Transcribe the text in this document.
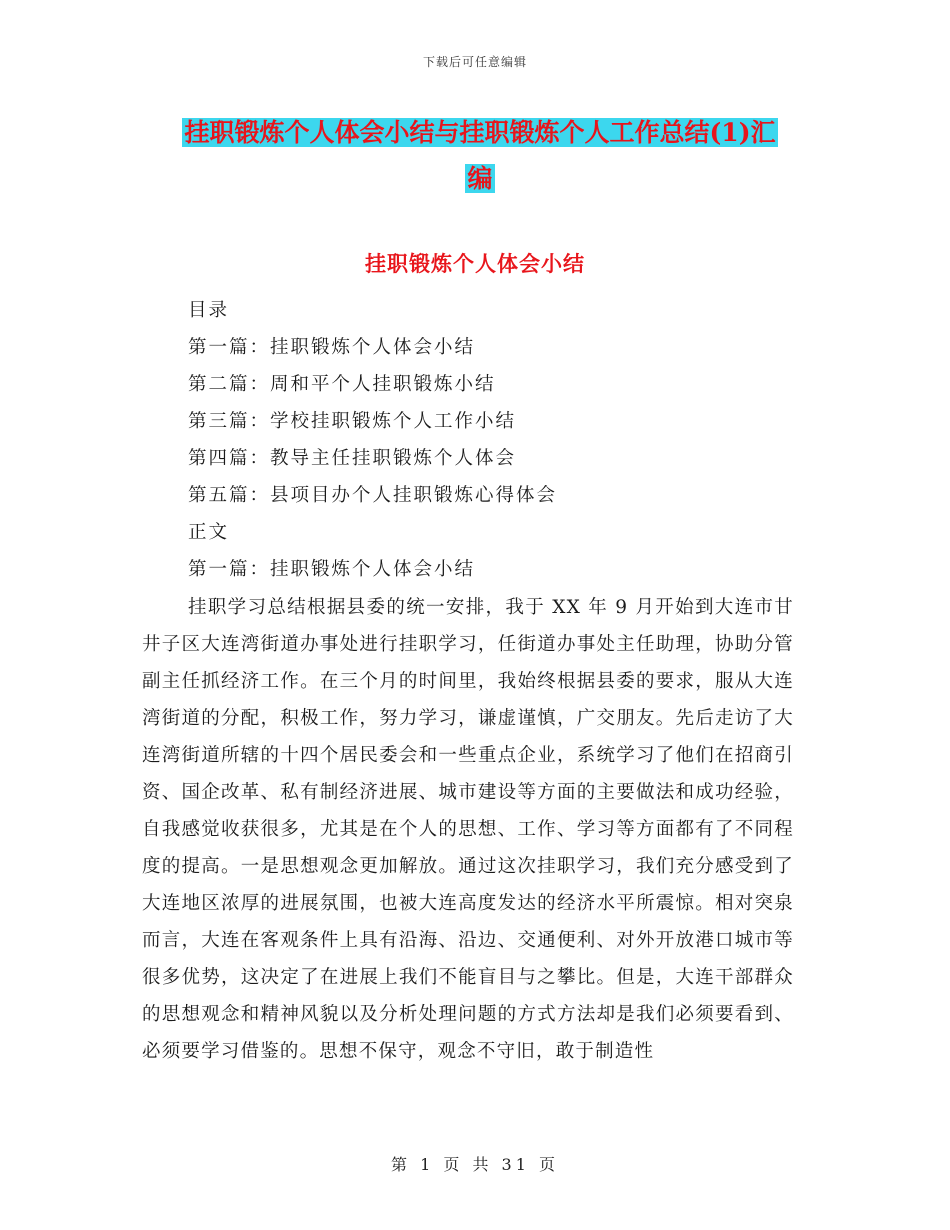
下载后可任意编辑
挂职锻炼个人体会小结与挂职锻炼个人工作总结(1)汇
编
挂职锻炼个人体会小结
目录
第一篇：挂职锻炼个人体会小结
第二篇：周和平个人挂职锻炼小结
第三篇：学校挂职锻炼个人工作小结
第四篇：教导主任挂职锻炼个人体会
第五篇：县项目办个人挂职锻炼心得体会
正文
第一篇：挂职锻炼个人体会小结
挂职学习总结根据县委的统一安排，我于 XX 年 9 月开始到大连市甘井子区大连湾街道办事处进行挂职学习，任街道办事处主任助理，协助分管副主任抓经济工作。在三个月的时间里，我始终根据县委的要求，服从大连湾街道的分配，积极工作，努力学习，谦虚谨慎，广交朋友。先后走访了大连湾街道所辖的十四个居民委会和一些重点企业，系统学习了他们在招商引资、国企改革、私有制经济进展、城市建设等方面的主要做法和成功经验，自我感觉收获很多，尤其是在个人的思想、工作、学习等方面都有了不同程度的提高。一是思想观念更加解放。通过这次挂职学习，我们充分感受到了大连地区浓厚的进展氛围，也被大连高度发达的经济水平所震惊。相对突泉而言，大连在客观条件上具有沿海、沿边、交通便利、对外开放港口城市等很多优势，这决定了在进展上我们不能盲目与之攀比。但是，大连干部群众的思想观念和精神风貌以及分析处理问题的方式方法却是我们必须要看到、必须要学习借鉴的。思想不保守，观念不守旧，敢于制造性
第 1 页 共 31 页
